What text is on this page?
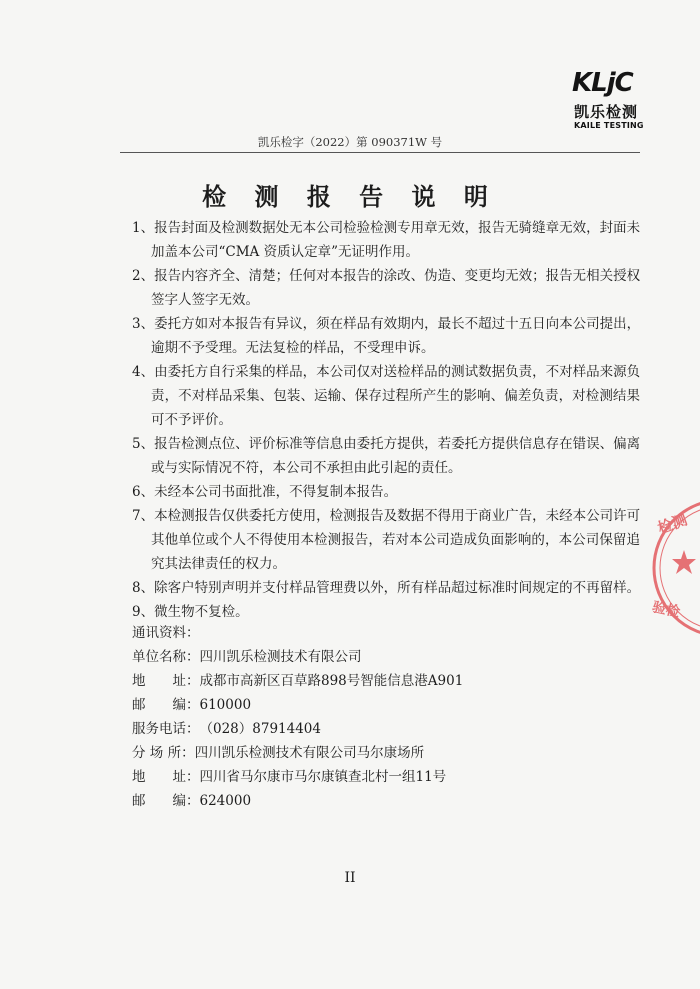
KLjC
凯乐检测
KAILE TESTING
凯乐检字（2022）第 090371W 号
检 测 报 告 说 明
1、报告封面及检测数据处无本公司检验检测专用章无效，报告无骑缝章无效，封面未
加盖本公司“CMA 资质认定章”无证明作用。
2、报告内容齐全、清楚；任何对本报告的涂改、伪造、变更均无效；报告无相关授权
签字人签字无效。
3、委托方如对本报告有异议，须在样品有效期内，最长不超过十五日向本公司提出，
逾期不予受理。无法复检的样品，不受理申诉。
4、由委托方自行采集的样品，本公司仅对送检样品的测试数据负责，不对样品来源负
责，不对样品采集、包装、运输、保存过程所产生的影响、偏差负责，对检测结果
可不予评价。
5、报告检测点位、评价标准等信息由委托方提供，若委托方提供信息存在错误、偏离
或与实际情况不符，本公司不承担由此引起的责任。
6、未经本公司书面批准，不得复制本报告。
7、本检测报告仅供委托方使用，检测报告及数据不得用于商业广告，未经本公司许可
其他单位或个人不得使用本检测报告，若对本公司造成负面影响的，本公司保留追
究其法律责任的权力。
8、除客户特别声明并支付样品管理费以外，所有样品超过标准时间规定的不再留样。
9、微生物不复检。
通讯资料：
单位名称：四川凯乐检测技术有限公司
地　　址：成都市高新区百草路898号智能信息港A901
邮　　编：610000
服务电话：（028）87914404
分 场 所：四川凯乐检测技术有限公司马尔康场所
地　　址：四川省马尔康市马尔康镇查北村一组11号
邮　　编：624000
II
检测
验检
